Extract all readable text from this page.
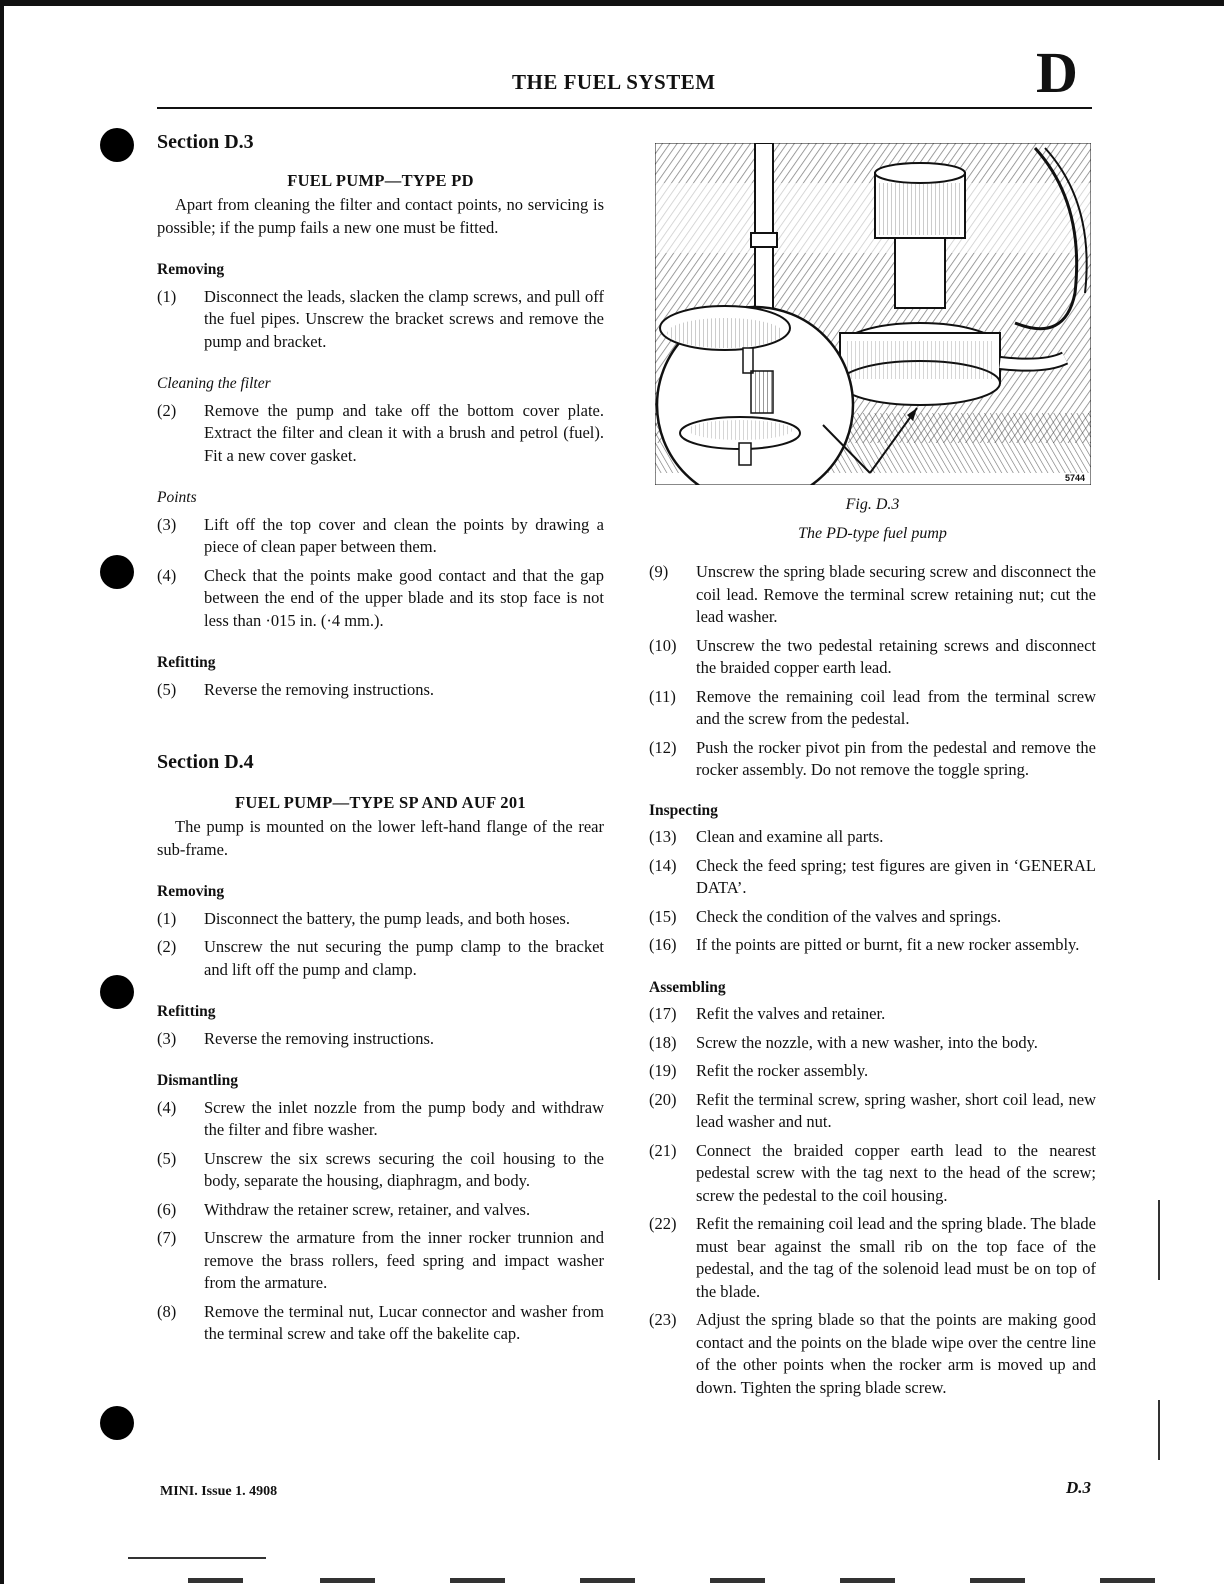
THE FUEL SYSTEM	D

Section D.3

FUEL PUMP—TYPE PD

Apart from cleaning the filter and contact points, no servicing is possible; if the pump fails a new one must be fitted.

Removing

(1)	Disconnect the leads, slacken the clamp screws, and pull off the fuel pipes. Unscrew the bracket screws and remove the pump and bracket.

Cleaning the filter

(2)	Remove the pump and take off the bottom cover plate. Extract the filter and clean it with a brush and petrol (fuel). Fit a new cover gasket.

Points

(3)	Lift off the top cover and clean the points by drawing a piece of clean paper between them.
(4)	Check that the points make good contact and that the gap between the end of the upper blade and its stop face is not less than ·015 in. (·4 mm.).

Refitting

(5)	Reverse the removing instructions.

Section D.4

FUEL PUMP—TYPE SP AND AUF 201

The pump is mounted on the lower left-hand flange of the rear sub-frame.

Removing

(1)	Disconnect the battery, the pump leads, and both hoses.
(2)	Unscrew the nut securing the pump clamp to the bracket and lift off the pump and clamp.

Refitting

(3)	Reverse the removing instructions.

Dismantling

(4)	Screw the inlet nozzle from the pump body and withdraw the filter and fibre washer.
(5)	Unscrew the six screws securing the coil housing to the body, separate the housing, diaphragm, and body.
(6)	Withdraw the retainer screw, retainer, and valves.
(7)	Unscrew the armature from the inner rocker trunnion and remove the brass rollers, feed spring and impact washer from the armature.
(8)	Remove the terminal nut, Lucar connector and washer from the terminal screw and take off the bakelite cap.
5744

Fig. D.3

The PD-type fuel pump

(9)	Unscrew the spring blade securing screw and disconnect the coil lead. Remove the terminal screw retaining nut; cut the lead washer.
(10)	Unscrew the two pedestal retaining screws and disconnect the braided copper earth lead.
(11)	Remove the remaining coil lead from the terminal screw and the screw from the pedestal.
(12)	Push the rocker pivot pin from the pedestal and remove the rocker assembly. Do not remove the toggle spring.

Inspecting

(13)	Clean and examine all parts.
(14)	Check the feed spring; test figures are given in ‘GENERAL DATA’.
(15)	Check the condition of the valves and springs.
(16)	If the points are pitted or burnt, fit a new rocker assembly.

Assembling

(17)	Refit the valves and retainer.
(18)	Screw the nozzle, with a new washer, into the body.
(19)	Refit the rocker assembly.
(20)	Refit the terminal screw, spring washer, short coil lead, new lead washer and nut.
(21)	Connect the braided copper earth lead to the nearest pedestal screw with the tag next to the head of the screw; screw the pedestal to the coil housing.
(22)	Refit the remaining coil lead and the spring blade. The blade must bear against the small rib on the top face of the pedestal, and the tag of the solenoid lead must be on top of the blade.
(23)	Adjust the spring blade so that the points are making good contact and the points on the blade wipe over the centre line of the other points when the rocker arm is moved up and down. Tighten the spring blade screw.
MINI. Issue 1. 4908	D.3
